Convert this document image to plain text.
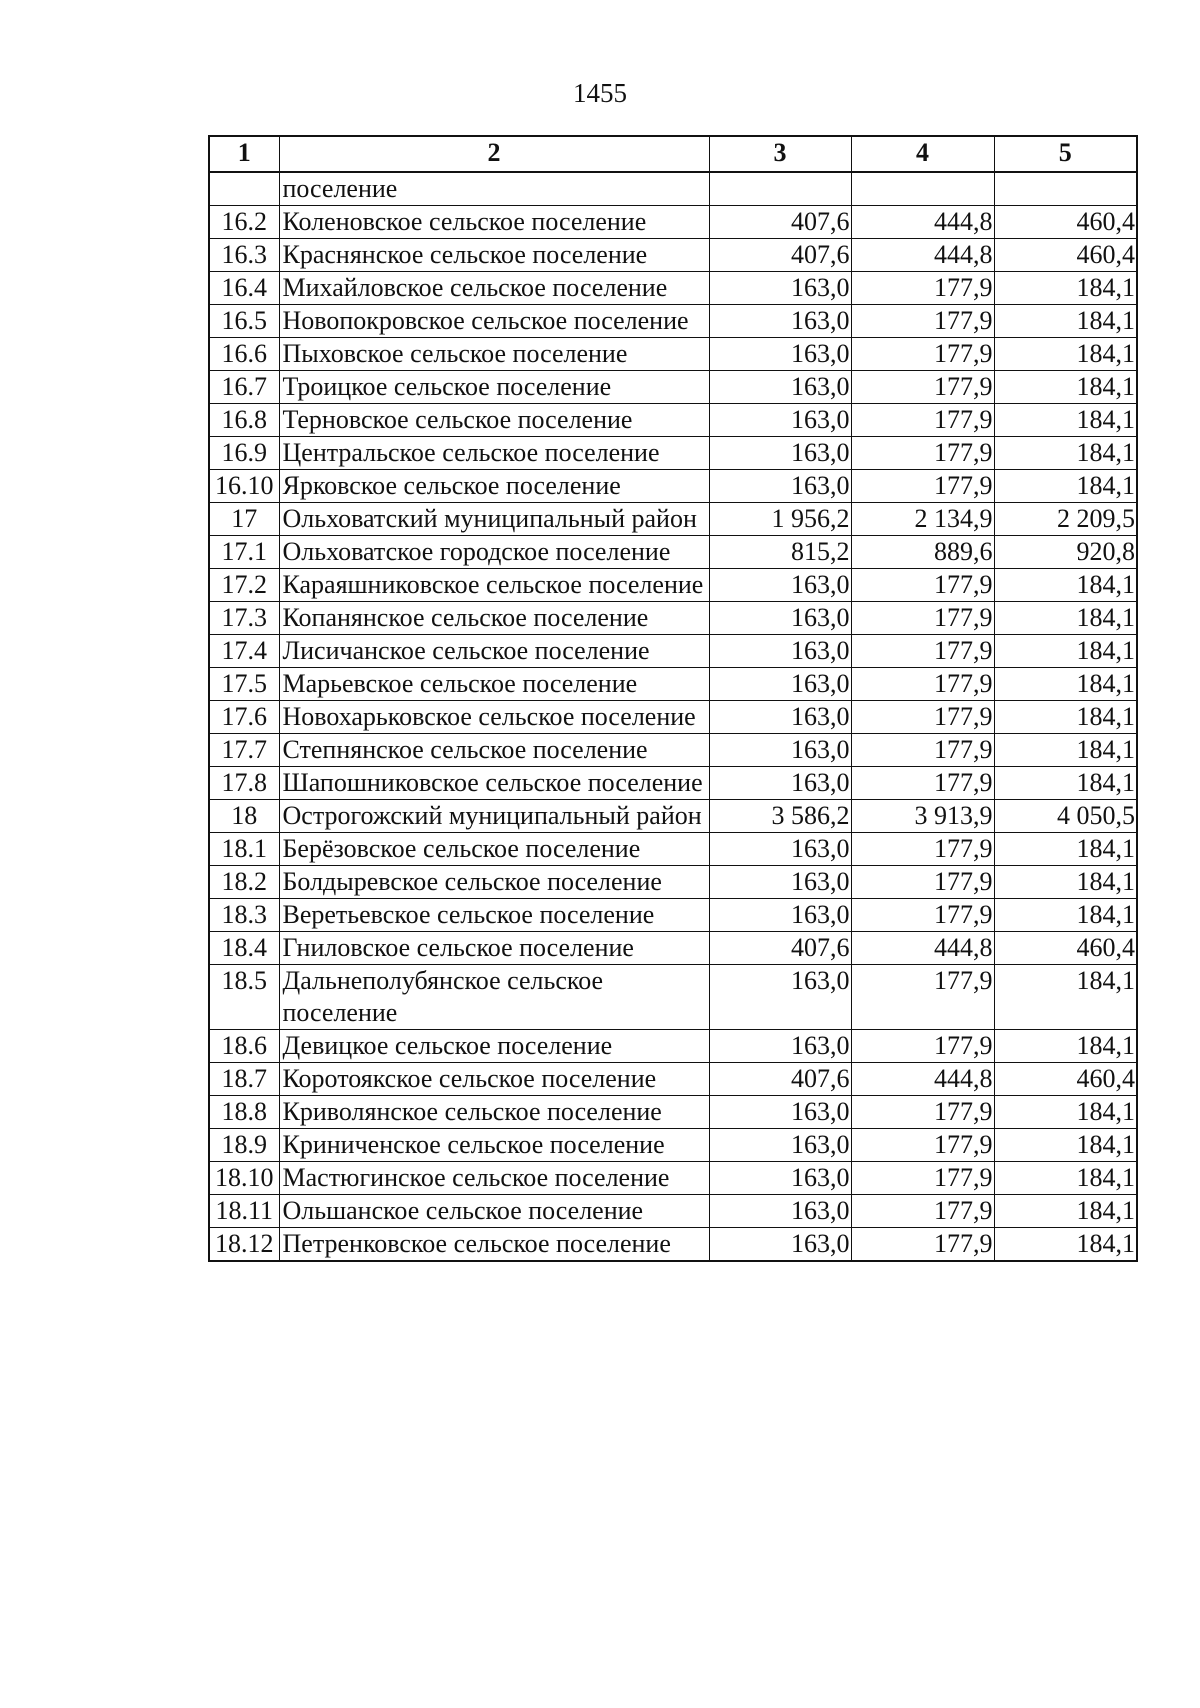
1455
1	2	3	4	5
	поселение			
16.2	Коленовское сельское поселение	407,6	444,8	460,4
16.3	Краснянское сельское поселение	407,6	444,8	460,4
16.4	Михайловское сельское поселение	163,0	177,9	184,1
16.5	Новопокровское сельское поселение	163,0	177,9	184,1
16.6	Пыховское сельское поселение	163,0	177,9	184,1
16.7	Троицкое сельское поселение	163,0	177,9	184,1
16.8	Терновское сельское поселение	163,0	177,9	184,1
16.9	Центральское сельское поселение	163,0	177,9	184,1
16.10	Ярковское сельское поселение	163,0	177,9	184,1
17	Ольховатский муниципальный район	1 956,2	2 134,9	2 209,5
17.1	Ольховатское городское поселение	815,2	889,6	920,8
17.2	Караяшниковское сельское поселение	163,0	177,9	184,1
17.3	Копанянское сельское поселение	163,0	177,9	184,1
17.4	Лисичанское сельское поселение	163,0	177,9	184,1
17.5	Марьевское сельское поселение	163,0	177,9	184,1
17.6	Новохарьковское сельское поселение	163,0	177,9	184,1
17.7	Степнянское сельское поселение	163,0	177,9	184,1
17.8	Шапошниковское сельское поселение	163,0	177,9	184,1
18	Острогожский муниципальный район	3 586,2	3 913,9	4 050,5
18.1	Берёзовское сельское поселение	163,0	177,9	184,1
18.2	Болдыревское сельское поселение	163,0	177,9	184,1
18.3	Веретьевское сельское поселение	163,0	177,9	184,1
18.4	Гниловское сельское поселение	407,6	444,8	460,4
18.5	Дальнеполубянское сельское поселение	163,0	177,9	184,1
18.6	Девицкое сельское поселение	163,0	177,9	184,1
18.7	Коротоякское сельское поселение	407,6	444,8	460,4
18.8	Криволянское сельское поселение	163,0	177,9	184,1
18.9	Криниченское сельское поселение	163,0	177,9	184,1
18.10	Мастюгинское сельское поселение	163,0	177,9	184,1
18.11	Ольшанское сельское поселение	163,0	177,9	184,1
18.12	Петренковское сельское поселение	163,0	177,9	184,1
